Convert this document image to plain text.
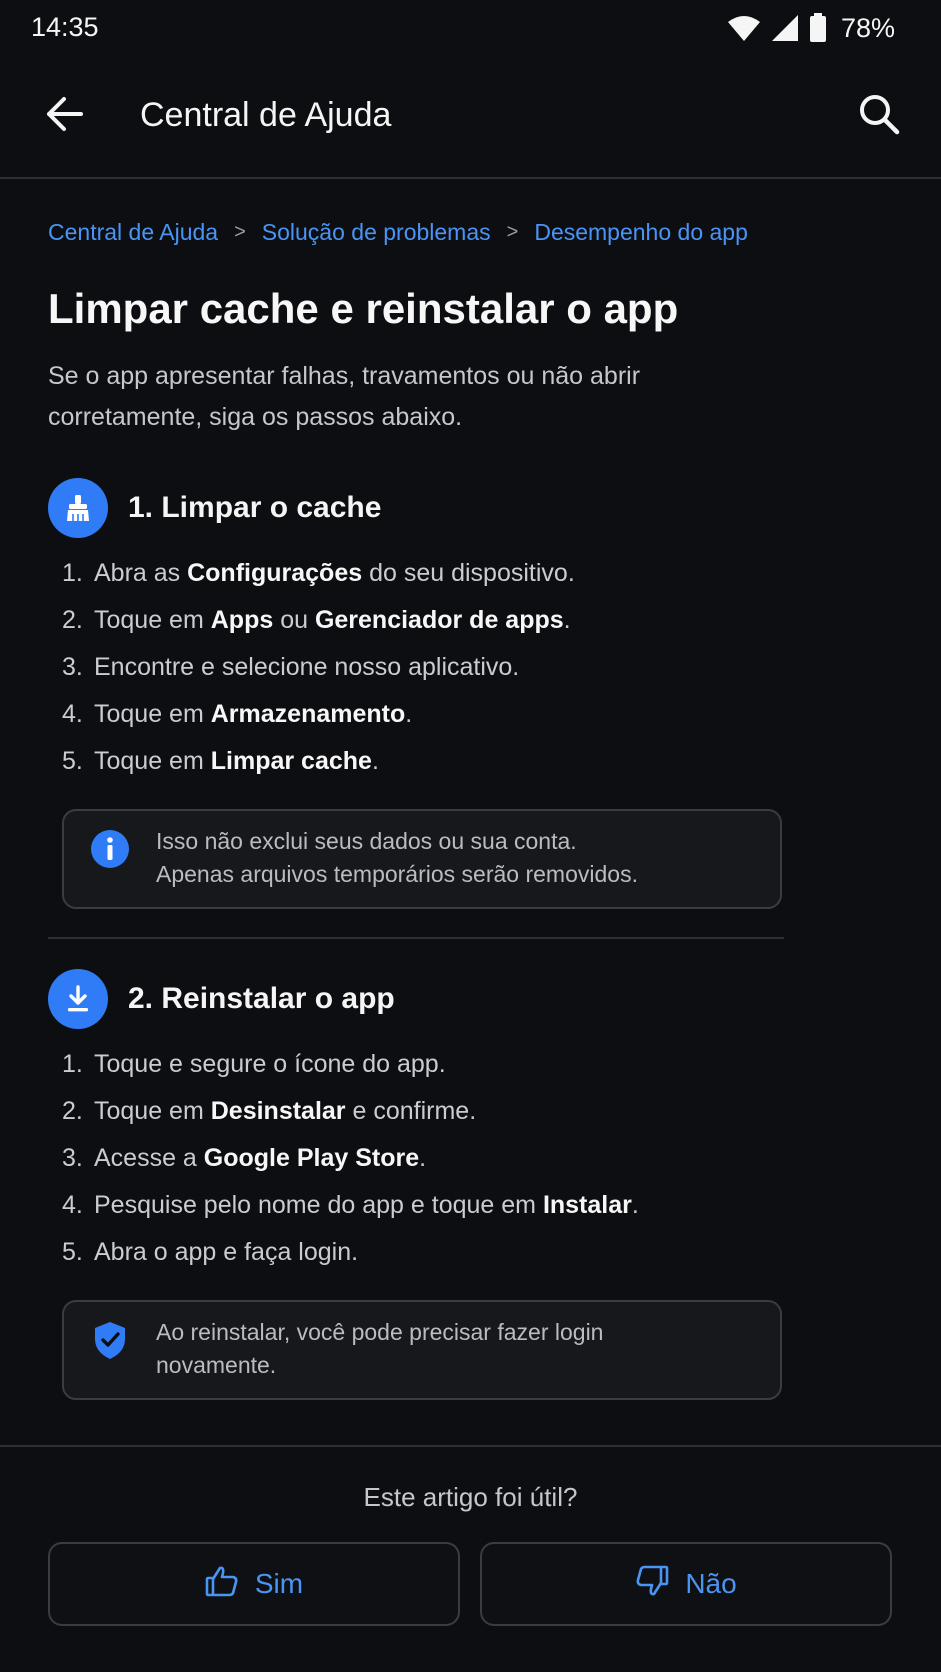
14:35	78%
Central de Ajuda
Central de Ajuda > Solução de problemas > Desempenho do app
Limpar cache e reinstalar o app
Se o app apresentar falhas, travamentos ou não abrir
corretamente, siga os passos abaixo.
1. Limpar o cache
1. Abra as Configurações do seu dispositivo.
2. Toque em Apps ou Gerenciador de apps.
3. Encontre e selecione nosso aplicativo.
4. Toque em Armazenamento.
5. Toque em Limpar cache.
Isso não exclui seus dados ou sua conta.
Apenas arquivos temporários serão removidos.
2. Reinstalar o app
1. Toque e segure o ícone do app.
2. Toque em Desinstalar e confirme.
3. Acesse a Google Play Store.
4. Pesquise pelo nome do app e toque em Instalar.
5. Abra o app e faça login.
Ao reinstalar, você pode precisar fazer login
novamente.
Este artigo foi útil?
Sim	Não
